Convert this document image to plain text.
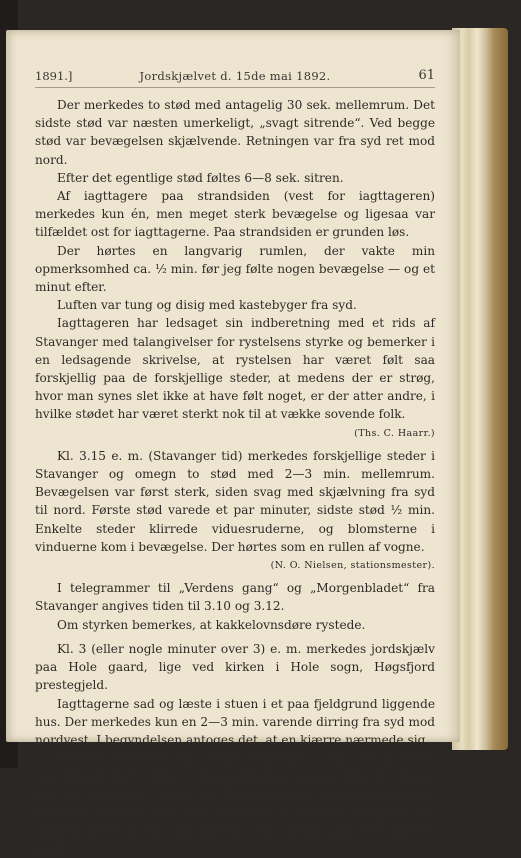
1891.]	Jordskjælvet d. 15de mai 1892.	61

Der merkedes to stød med antagelig 30 sek. mellemrum. Det sidste stød var næsten umerkeligt, „svagt sitrende“. Ved begge stød var bevægelsen skjælvende. Retningen var fra syd ret mod nord.

Efter det egentlige stød føltes 6—8 sek. sitren.

Af iagttagere paa strandsiden (vest for iagttageren) merkedes kun én, men meget sterk bevægelse og ligesaa var tilfældet ost for iagttagerne. Paa strandsiden er grunden løs.

Der hørtes en langvarig rumlen, der vakte min opmerksomhed ca. ½ min. før jeg følte nogen bevægelse — og et minut efter.

Luften var tung og disig med kastebyger fra syd.

Iagttageren har ledsaget sin indberetning med et rids af Stavanger med talangivelser for rystelsens styrke og bemerker i en ledsagende skrivelse, at rystelsen har været følt saa forskjellig paa de forskjellige steder, at medens der er strøg, hvor man synes slet ikke at have følt noget, er der atter andre, i hvilke stødet har været sterkt nok til at vække sovende folk.

(Ths. C. Haarr.)

Kl. 3.15 e. m. (Stavanger tid) merkedes forskjellige steder i Stavanger og omegn to stød med 2—3 min. mellemrum. Bevægelsen var først sterk, siden svag med skjælvning fra syd til nord. Første stød varede et par minuter, sidste stød ½ min. Enkelte steder klirrede viduesruderne, og blomsterne i vinduerne kom i bevægelse. Der hørtes som en rullen af vogne.

(N. O. Nielsen, stationsmester).

I telegrammer til „Verdens gang“ og „Morgenbladet“ fra Stavanger angives tiden til 3.10 og 3.12.

Om styrken bemerkes, at kakkelovnsdøre rystede.

Kl. 3 (eller nogle minuter over 3) e. m. merkedes jordskjælv paa Hole gaard, lige ved kirken i Hole sogn, Høgsfjord prestegjeld.

Iagttagerne sad og læste i stuen i et paa fjeldgrund liggende hus. Der merkedes kun en 2—3 min. varende dirring fra syd mod nordvest. I begyndelsen antoges det, at en kjærre nærmede sig.

I huset merkedes kun svage virkninger; „kun stolen under mig dirrede lidt“. „Men i grannestuerne, længer oppe fra sjøen, paa løs grund, ca. ¼ km. fra Hole, kjendtes bevægelsen meget sterkere og mest som stød. Vandet i en karaffel svingede der mellem nord og syd. En person, som skulde gaa over gulvet, holdt
